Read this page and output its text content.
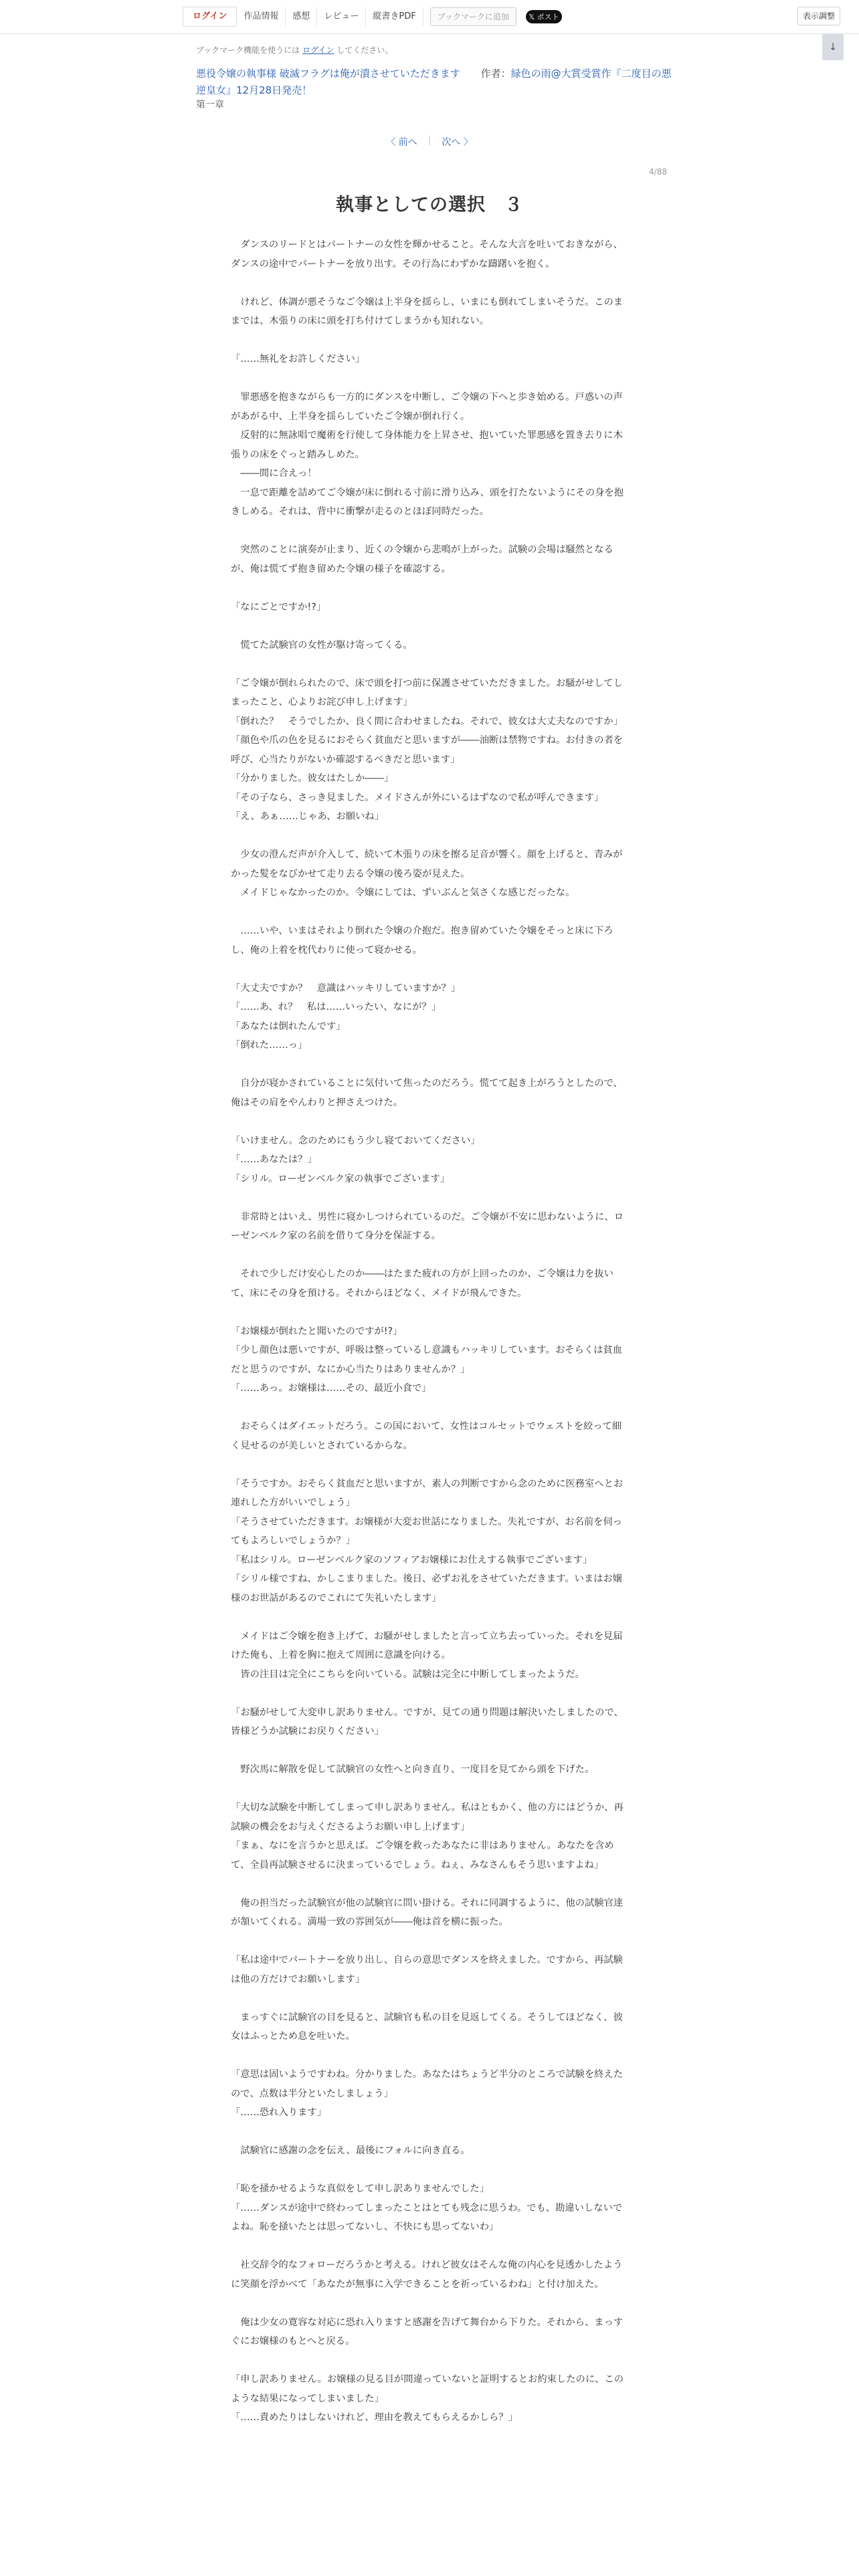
ログイン	作品情報	感想	レビュー	縦書きPDF	ブックマークに追加	𝕏 ポスト	表示調整
↓
ブックマーク機能を使うには ログイン してください。
悪役令嬢の執事様 破滅フラグは俺が潰させていただきます 作者：緑色の雨@大賞受賞作『二度目の悪逆皇女』12月28日発売！
第一章
〈 前へ	|	次へ 〉
4/88
執事としての選択　３

　ダンスのリードとはパートナーの女性を輝かせること。そんな大言を吐いておきながら、ダンスの途中でパートナーを放り出す。その行為にわずかな躊躇いを抱く。

　けれど、体調が悪そうなご令嬢は上半身を揺らし、いまにも倒れてしまいそうだ。このままでは、木張りの床に頭を打ち付けてしまうかも知れない。

「……無礼をお許しください」

　罪悪感を抱きながらも一方的にダンスを中断し、ご令嬢の下へと歩き始める。戸惑いの声があがる中、上半身を揺らしていたご令嬢が倒れ行く。

　反射的に無詠唱で魔術を行使して身体能力を上昇させ、抱いていた罪悪感を置き去りに木張りの床をぐっと踏みしめた。

　――間に合えっ！

　一息で距離を詰めてご令嬢が床に倒れる寸前に滑り込み、頭を打たないようにその身を抱きしめる。それは、背中に衝撃が走るのとほぼ同時だった。

　突然のことに演奏が止まり、近くの令嬢から悲鳴が上がった。試験の会場は騒然となるが、俺は慌てず抱き留めた令嬢の様子を確認する。

「なにごとですか!?」

　慌てた試験官の女性が駆け寄ってくる。

「ご令嬢が倒れられたので、床で頭を打つ前に保護させていただきました。お騒がせしてしまったこと、心よりお詫び申し上げます」

「倒れた？　そうでしたか、良く間に合わせましたね。それで、彼女は大丈夫なのですか」

「顔色や爪の色を見るにおそらく貧血だと思いますが――油断は禁物ですね。お付きの者を呼び、心当たりがないか確認するべきだと思います」

「分かりました。彼女はたしか――」

「その子なら、さっき見ました。メイドさんが外にいるはずなので私が呼んできます」

「え、あぁ……じゃあ、お願いね」

　少女の澄んだ声が介入して、続いて木張りの床を擦る足音が響く。顔を上げると、青みがかった髪をなびかせて走り去る令嬢の後ろ姿が見えた。

　メイドじゃなかったのか。令嬢にしては、ずいぶんと気さくな感じだったな。

　……いや、いまはそれより倒れた令嬢の介抱だ。抱き留めていた令嬢をそっと床に下ろし、俺の上着を枕代わりに使って寝かせる。

「大丈夫ですか？　意識はハッキリしていますか？」

「……あ、れ？　私は……いったい、なにが？」

「あなたは倒れたんです」

「倒れた……っ」

　自分が寝かされていることに気付いて焦ったのだろう。慌てて起き上がろうとしたので、俺はその肩をやんわりと押さえつけた。

「いけません。念のためにもう少し寝ておいてください」

「……あなたは？」

「シリル。ローゼンベルク家の執事でございます」

　非常時とはいえ、男性に寝かしつけられているのだ。ご令嬢が不安に思わないように、ローゼンベルク家の名前を借りて身分を保証する。

　それで少しだけ安心したのか――はたまた疲れの方が上回ったのか、ご令嬢は力を抜いて、床にその身を預ける。それからほどなく、メイドが飛んできた。

「お嬢様が倒れたと聞いたのですが!?」

「少し顔色は悪いですが、呼吸は整っているし意識もハッキリしています。おそらくは貧血だと思うのですが、なにか心当たりはありませんか？」

「……あっ。お嬢様は……その、最近小食で」

　おそらくはダイエットだろう。この国において、女性はコルセットでウェストを絞って細く見せるのが美しいとされているからな。

「そうですか。おそらく貧血だと思いますが、素人の判断ですから念のために医務室へとお連れした方がいいでしょう」

「そうさせていただきます。お嬢様が大変お世話になりました。失礼ですが、お名前を伺ってもよろしいでしょうか？」

「私はシリル。ローゼンベルク家のソフィアお嬢様にお仕えする執事でございます」

「シリル様ですね、かしこまりました。後日、必ずお礼をさせていただきます。いまはお嬢様のお世話があるのでこれにて失礼いたします」

　メイドはご令嬢を抱き上げて、お騒がせしましたと言って立ち去っていった。それを見届けた俺も、上着を胸に抱えて周囲に意識を向ける。

　皆の注目は完全にこちらを向いている。試験は完全に中断してしまったようだ。

「お騒がせして大変申し訳ありません。ですが、見ての通り問題は解決いたしましたので、皆様どうか試験にお戻りください」

　野次馬に解散を促して試験官の女性へと向き直り、一度目を見てから頭を下げた。

「大切な試験を中断してしまって申し訳ありません。私はともかく、他の方にはどうか、再試験の機会をお与えくださるようお願い申し上げます」

「まぁ、なにを言うかと思えば。ご令嬢を救ったあなたに非はありません。あなたを含めて、全員再試験させるに決まっているでしょう。ねぇ、みなさんもそう思いますよね」

　俺の担当だった試験官が他の試験官に問い掛ける。それに同調するように、他の試験官達が頷いてくれる。満場一致の雰囲気が――俺は首を横に振った。

「私は途中でパートナーを放り出し、自らの意思でダンスを終えました。ですから、再試験は他の方だけでお願いします」

　まっすぐに試験官の目を見ると、試験官も私の目を見返してくる。そうしてほどなく、彼女はふっとため息を吐いた。

「意思は固いようですわね。分かりました。あなたはちょうど半分のところで試験を終えたので、点数は半分といたしましょう」

「……恐れ入ります」

　試験官に感謝の念を伝え、最後にフォルに向き直る。

「恥を掻かせるような真似をして申し訳ありませんでした」

「……ダンスが途中で終わってしまったことはとても残念に思うわ。でも、勘違いしないでよね。恥を掻いたとは思ってないし、不快にも思ってないわ」

　社交辞令的なフォローだろうかと考える。けれど彼女はそんな俺の内心を見透かしたように笑顔を浮かべて「あなたが無事に入学できることを祈っているわね」と付け加えた。

　俺は少女の寛容な対応に恐れ入りますと感謝を告げて舞台から下りた。それから、まっすぐにお嬢様のもとへと戻る。

「申し訳ありません。お嬢様の見る目が間違っていないと証明するとお約束したのに、このような結果になってしまいました」

「……責めたりはしないけれど、理由を教えてもらえるかしら？」
